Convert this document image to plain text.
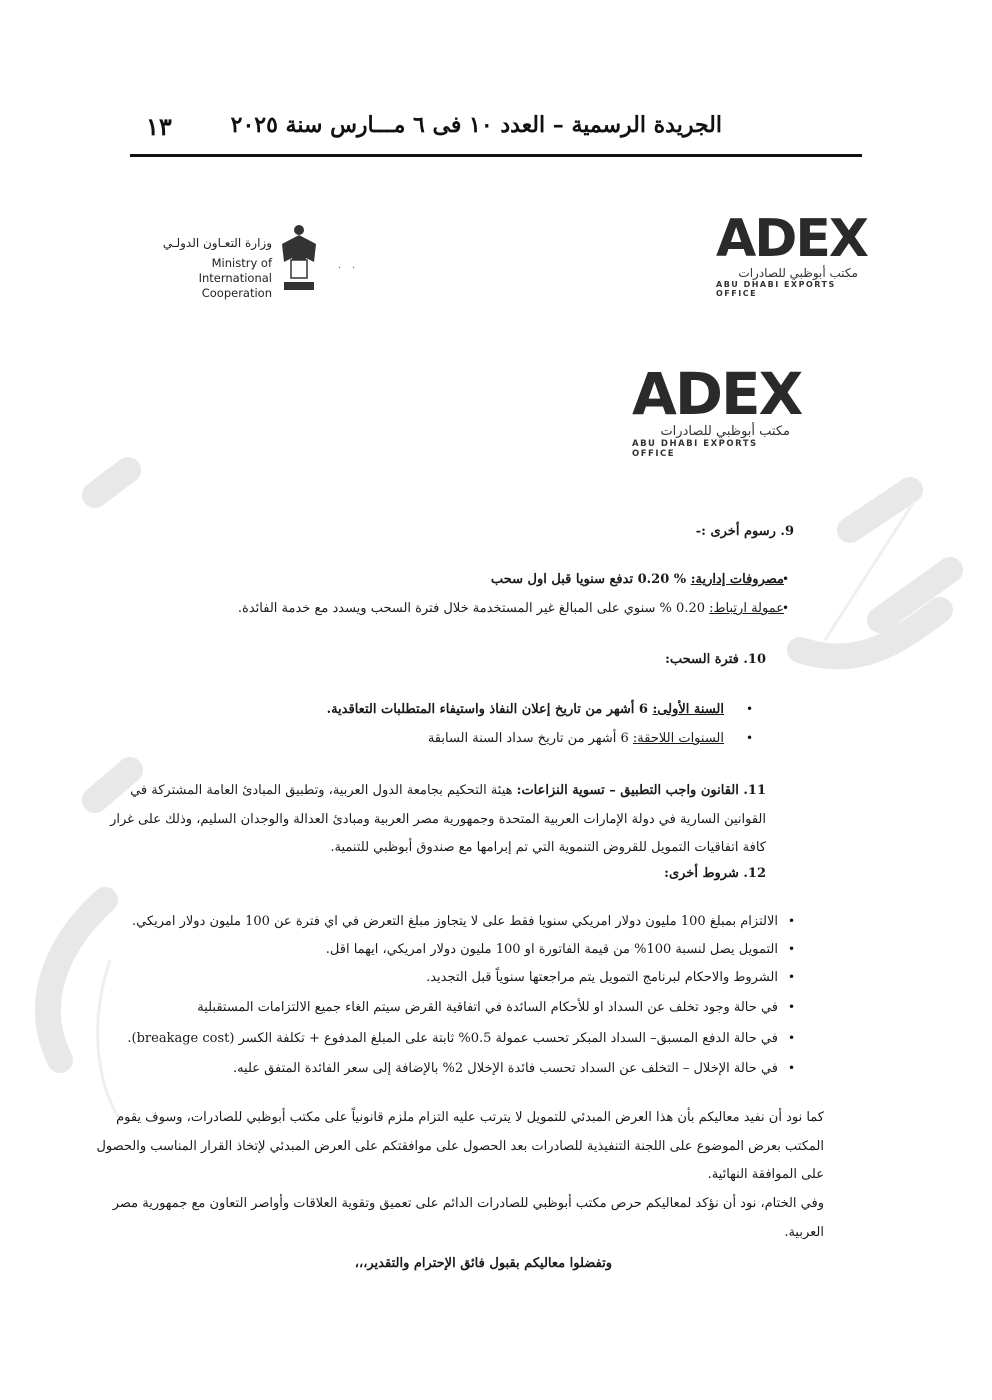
الجريدة الرسمية – العدد ١٠ فى ٦ مـــارس سنة ٢٠٢٥
١٣
وزارة التعـاون الدولـي
Ministry of International
Cooperation
· ·	ADEX
مكتب أبوظبي للصادرات
ABU DHABI EXPORTS OFFICE
ADEX
مكتب أبوظبي للصادرات
ABU DHABI EXPORTS OFFICE
9. رسوم أخرى :-
مصروفات إدارية: % 0.20 تدفع سنويا قبل اول سحب	•
عمولة ارتباط: 0.20 % سنوي على المبالغ غير المستخدمة خلال فترة السحب ويسدد مع خدمة الفائدة.	•
10. فترة السحب:
السنة الأولى: 6 أشهر من تاريخ إعلان النفاذ واستيفاء المتطلبات التعاقدية.	•
السنوات اللاحقة: 6 أشهر من تاريخ سداد السنة السابقة	•
11. القانون واجب التطبيق – تسوية النزاعات: هيئة التحكيم بجامعة الدول العربية، وتطبيق المبادئ العامة المشتركة في
القوانين السارية في دولة الإمارات العربية المتحدة وجمهورية مصر العربية ومبادئ العدالة والوجدان السليم، وذلك على غرار
كافة اتفاقيات التمويل للقروض التنموية التي تم إبرامها مع صندوق أبوظبي للتنمية.
12. شروط أخرى:
الالتزام بمبلغ 100 مليون دولار امريكي سنويا فقط على لا يتجاوز مبلغ التعرض في اي فترة عن 100 مليون دولار امريكي. •
التمويل يصل لنسبة 100% من قيمة الفاتورة او 100 مليون دولار امريكي، ايهما اقل. •
الشروط والاحكام لبرنامج التمويل يتم مراجعتها سنوياً قبل التجديد. •
في حالة وجود تخلف عن السداد او للأحكام السائدة في اتفاقية القرض سيتم الغاء جميع الالتزامات المستقبلية •
في حالة الدفع المسبق– السداد المبكر تحسب عمولة 0.5% ثابتة على المبلغ المدفوع + تكلفة الكسر (breakage cost). •
في حالة الإخلال – التخلف عن السداد تحسب فائدة الإخلال 2% بالإضافة إلى سعر الفائدة المتفق عليه. •
كما نود أن نفيد معاليكم بأن هذا العرض المبدئي للتمويل لا يترتب عليه التزام ملزم قانونياً على مكتب أبوظبي للصادرات، وسوف يقوم
المكتب بعرض الموضوع على اللجنة التنفيذية للصادرات بعد الحصول على موافقتكم على العرض المبدئي لإتخاذ القرار المناسب والحصول
على الموافقة النهائية.
وفي الختام، نود أن نؤكد لمعاليكم حرص مكتب أبوظبي للصادرات الدائم على تعميق وتقوية العلاقات وأواصر التعاون مع جمهورية مصر
العربية.
وتفضلوا معاليكم بقبول فائق الإحترام والتقدير،،،
